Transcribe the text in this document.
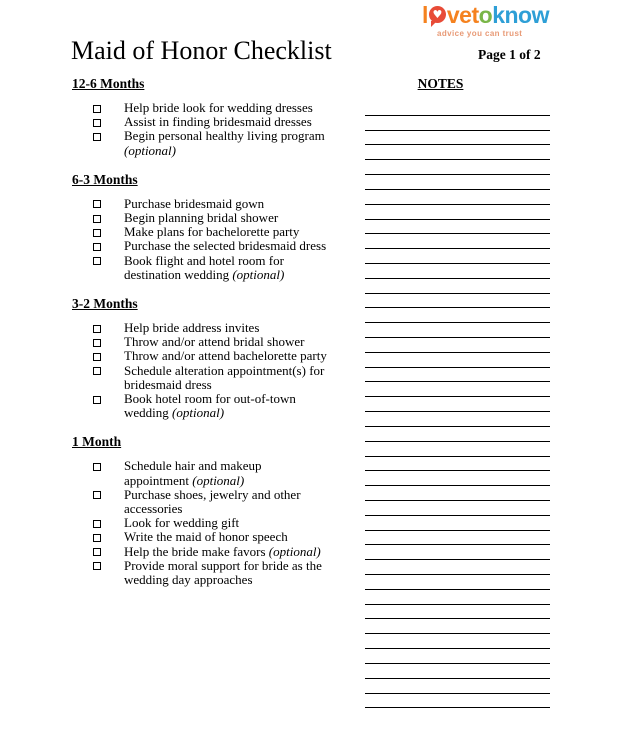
l ♥ ve t o know
advice you can trust
Maid of Honor Checklist	Page 1 of 2
12-6 Months
Help bride look for wedding dresses
Assist in finding bridesmaid dresses
Begin personal healthy living program (optional)
6-3 Months
Purchase bridesmaid gown
Begin planning bridal shower
Make plans for bachelorette party
Purchase the selected bridesmaid dress
Book flight and hotel room for destination wedding (optional)
3-2 Months
Help bride address invites
Throw and/or attend bridal shower
Throw and/or attend bachelorette party
Schedule alteration appointment(s) for bridesmaid dress
Book hotel room for out-of-town wedding (optional)
1 Month
Schedule hair and makeup appointment (optional)
Purchase shoes, jewelry and other accessories
Look for wedding gift
Write the maid of honor speech
Help the bride make favors (optional)
Provide moral support for bride as the wedding day approaches
NOTES
